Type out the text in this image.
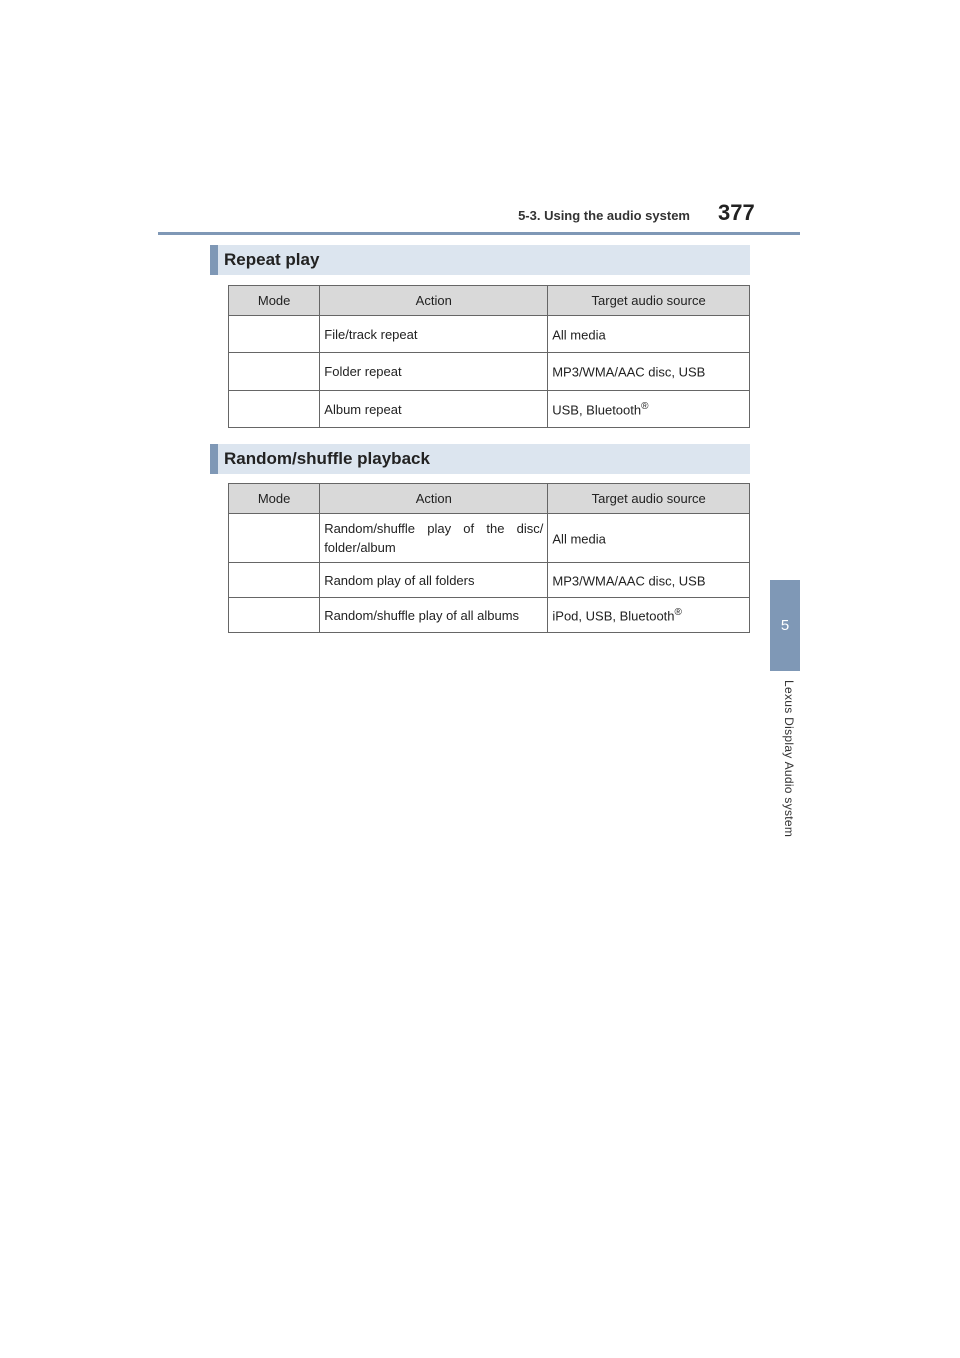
5-3. Using the audio system 377
5
Lexus Display Audio system
Repeat play
Mode	Action	Target audio source
	File/track repeat	All media
	Folder repeat	MP3/WMA/AAC disc, USB
	Album repeat	USB, Bluetooth®
Random/shuffle playback
Mode	Action	Target audio source
	Random/shuffle play of the disc/ folder/album	All media
	Random play of all folders	MP3/WMA/AAC disc, USB
	Random/shuffle play of all albums	iPod, USB, Bluetooth®
